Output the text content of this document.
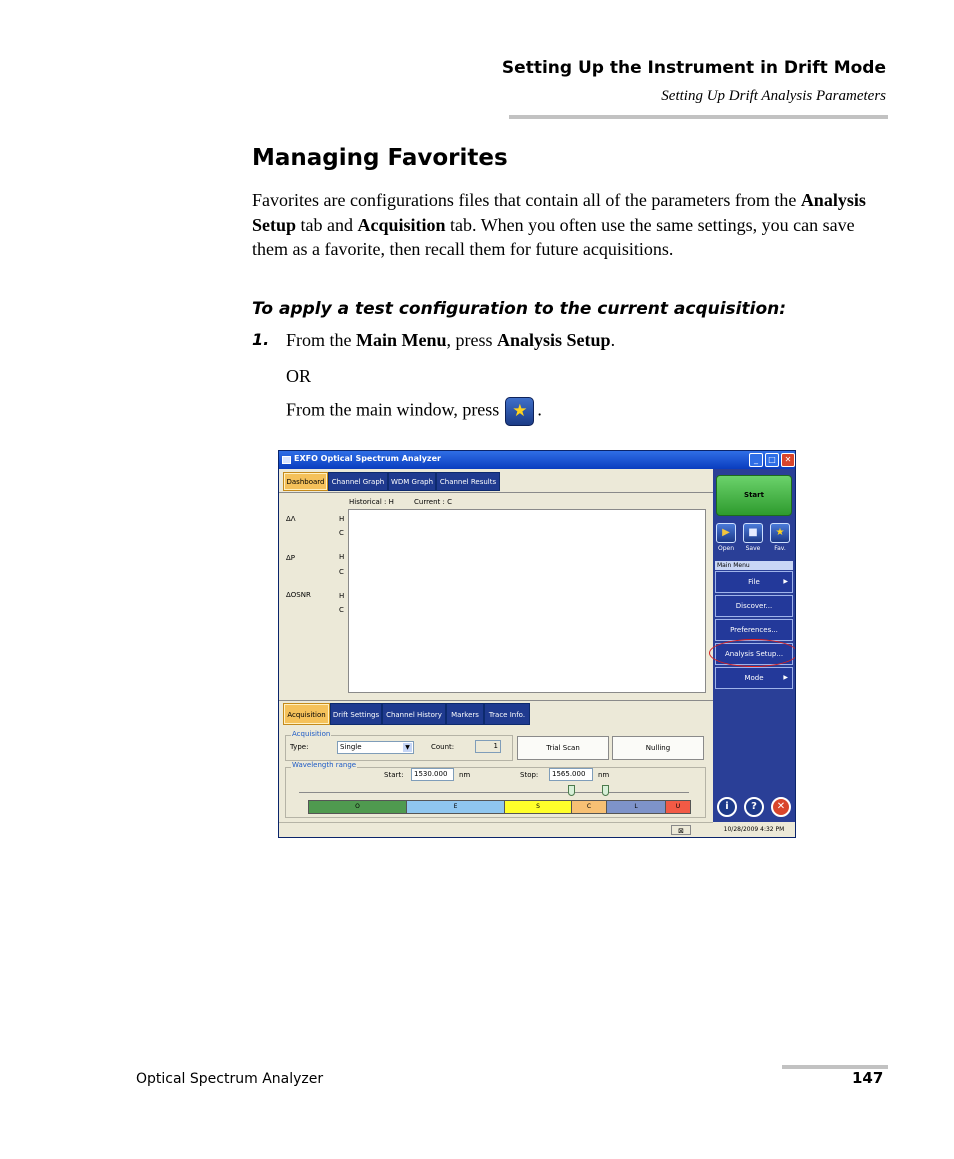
Setting Up the Instrument in Drift Mode
Setting Up Drift Analysis Parameters
Managing Favorites
Favorites are configurations files that contain all of the parameters from the Analysis Setup tab and Acquisition tab. When you often use the same settings, you can save them as a favorite, then recall them for future acquisitions.
To apply a test configuration to the current acquisition:
1. From the Main Menu, press Analysis Setup.
OR
From the main window, press ★ .
EXFO Optical Spectrum Analyzer	_	□	✕
Dashboard	Channel Graph WDM Graph Channel Results
Historical : H	Current : C
ΔΛ	H
C
ΔP	H
C
ΔOSNR	H
C
Acquisition	Drift Settings Channel History	Markers	Trace Info.
Acquisition
Type:	Single	▼	Count:	1	Trial Scan	Nulling
Wavelength range
Start:	1530.000	nm	Stop:	1565.000	nm
O	E	S	C	L	U
⊠
Start
▶	■	★
Open	Save	Fav.
Main Menu
File	▶
Discover...
Preferences...
Analysis Setup...
Mode	▶
i	?	✕
10/28/2009 4:32 PM
Optical Spectrum Analyzer	147
